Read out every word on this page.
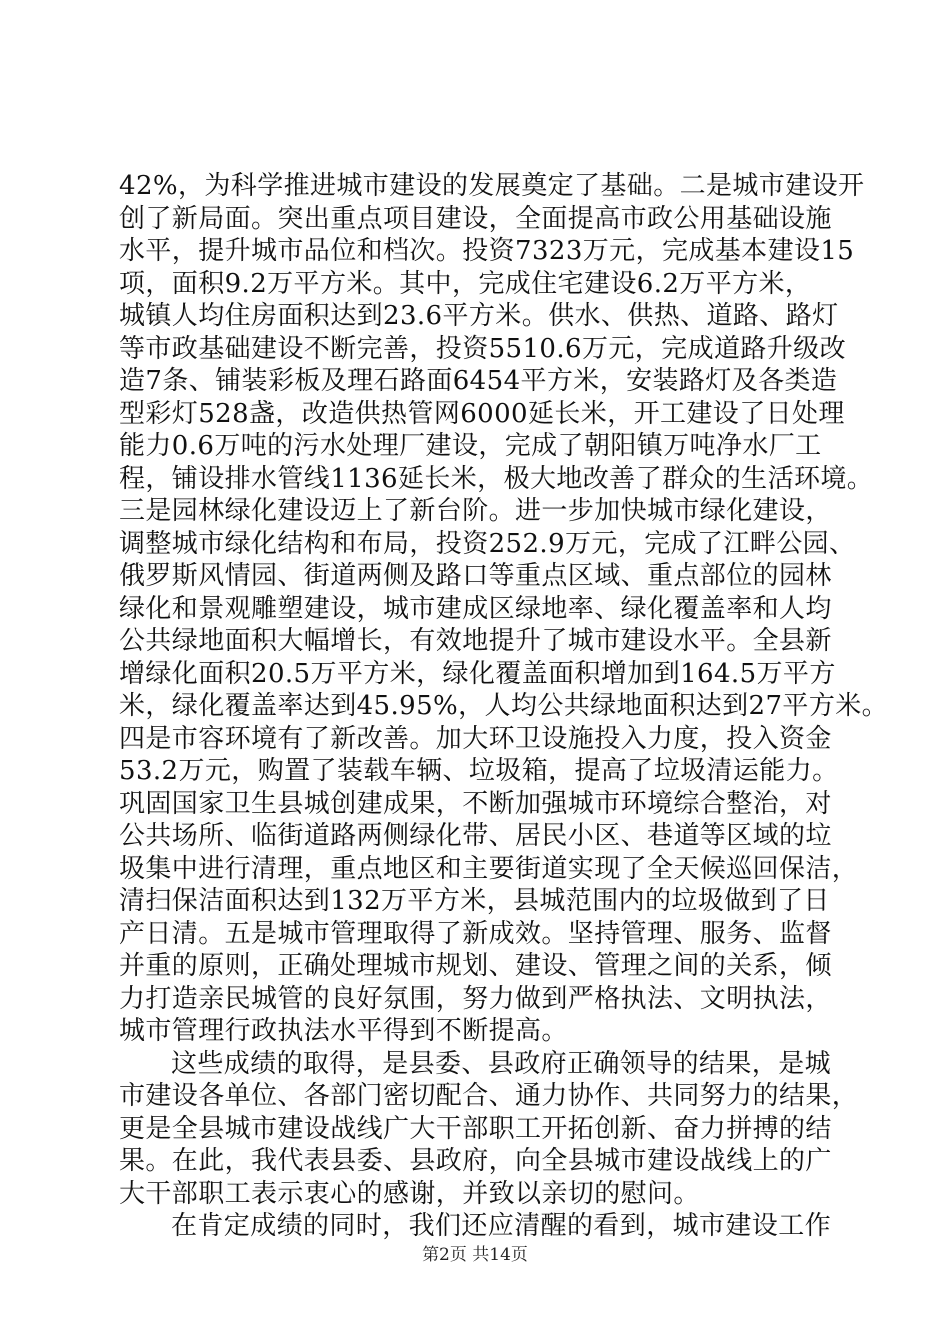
42%，为科学推进城市建设的发展奠定了基础。二是城市建设开
创了新局面。突出重点项目建设，全面提高市政公用基础设施
水平，提升城市品位和档次。投资7323万元，完成基本建设15
项，面积9.2万平方米。其中，完成住宅建设6.2万平方米，
城镇人均住房面积达到23.6平方米。供水、供热、道路、路灯
等市政基础建设不断完善，投资5510.6万元，完成道路升级改
造7条、铺装彩板及理石路面6454平方米，安装路灯及各类造
型彩灯528盏，改造供热管网6000延长米，开工建设了日处理
能力0.6万吨的污水处理厂建设，完成了朝阳镇万吨净水厂工
程，铺设排水管线1136延长米，极大地改善了群众的生活环境。
三是园林绿化建设迈上了新台阶。进一步加快城市绿化建设，
调整城市绿化结构和布局，投资252.9万元，完成了江畔公园、
俄罗斯风情园、街道两侧及路口等重点区域、重点部位的园林
绿化和景观雕塑建设，城市建成区绿地率、绿化覆盖率和人均
公共绿地面积大幅增长，有效地提升了城市建设水平。全县新
增绿化面积20.5万平方米，绿化覆盖面积增加到164.5万平方
米，绿化覆盖率达到45.95%，人均公共绿地面积达到27平方米。
四是市容环境有了新改善。加大环卫设施投入力度，投入资金
53.2万元，购置了装载车辆、垃圾箱，提高了垃圾清运能力。
巩固国家卫生县城创建成果，不断加强城市环境综合整治，对
公共场所、临街道路两侧绿化带、居民小区、巷道等区域的垃
圾集中进行清理，重点地区和主要街道实现了全天候巡回保洁，
清扫保洁面积达到132万平方米，县城范围内的垃圾做到了日
产日清。五是城市管理取得了新成效。坚持管理、服务、监督
并重的原则，正确处理城市规划、建设、管理之间的关系，倾
力打造亲民城管的良好氛围，努力做到严格执法、文明执法，
城市管理行政执法水平得到不断提高。
这些成绩的取得，是县委、县政府正确领导的结果，是城
市建设各单位、各部门密切配合、通力协作、共同努力的结果，
更是全县城市建设战线广大干部职工开拓创新、奋力拼搏的结
果。在此，我代表县委、县政府，向全县城市建设战线上的广
大干部职工表示衷心的感谢，并致以亲切的慰问。
在肯定成绩的同时，我们还应清醒的看到，城市建设工作
第2页 共14页
